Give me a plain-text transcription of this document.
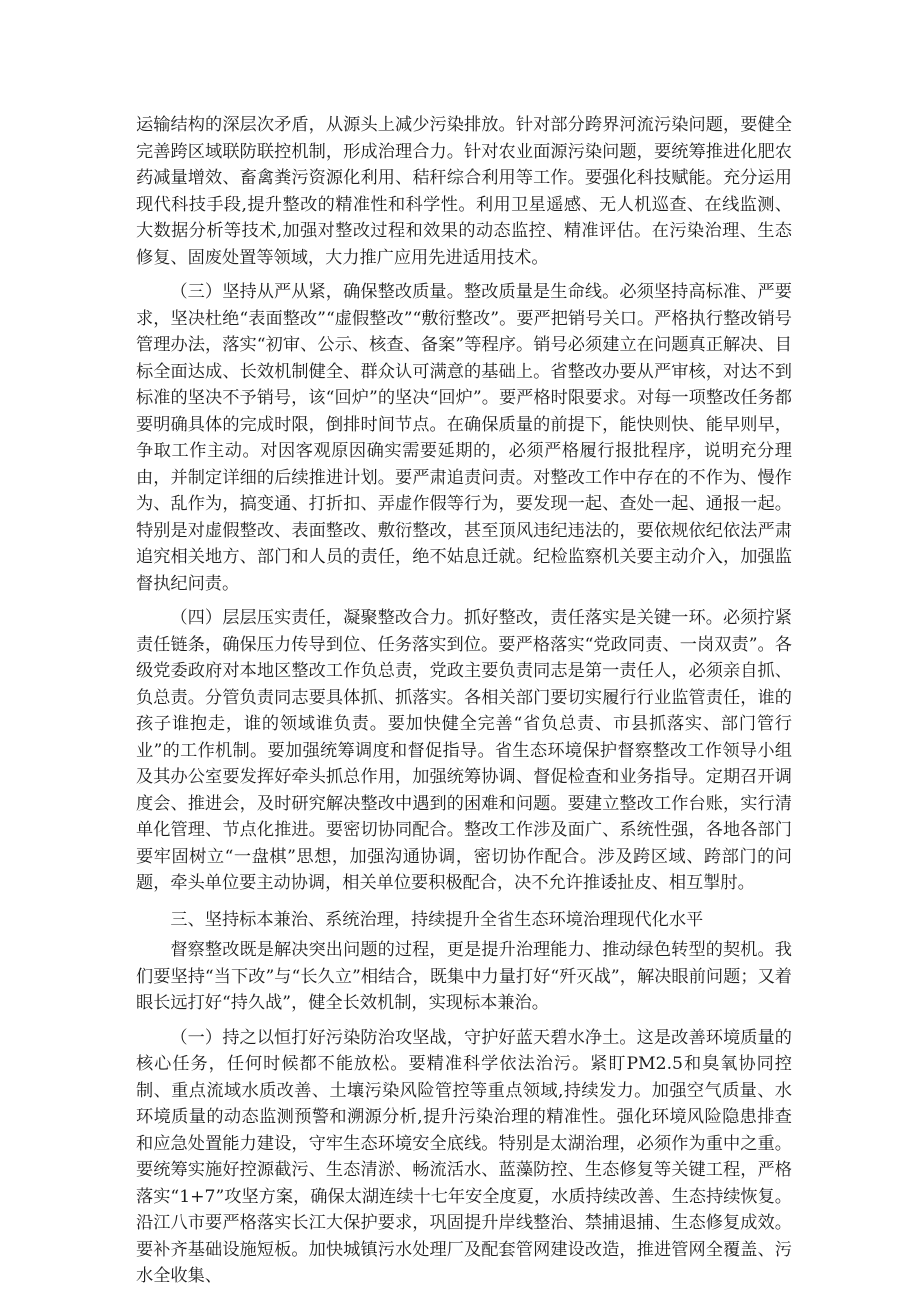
运输结构的深层次矛盾，从源头上减少污染排放。针对部分跨界河流污染问题，要健全完善跨区域联防联控机制，形成治理合力。针对农业面源污染问题，要统筹推进化肥农药减量增效、畜禽粪污资源化利用、秸秆综合利用等工作。要强化科技赋能。充分运用现代科技手段,提升整改的精准性和科学性。利用卫星遥感、无人机巡查、在线监测、大数据分析等技术,加强对整改过程和效果的动态监控、精准评估。在污染治理、生态修复、固废处置等领域，大力推广应用先进适用技术。

（三）坚持从严从紧，确保整改质量。整改质量是生命线。必须坚持高标准、严要求，坚决杜绝“表面整改”“虚假整改”“敷衍整改”。要严把销号关口。严格执行整改销号管理办法，落实“初审、公示、核查、备案”等程序。销号必须建立在问题真正解决、目标全面达成、长效机制健全、群众认可满意的基础上。省整改办要从严审核，对达不到标准的坚决不予销号，该“回炉”的坚决“回炉”。要严格时限要求。对每一项整改任务都要明确具体的完成时限，倒排时间节点。在确保质量的前提下，能快则快、能早则早，争取工作主动。对因客观原因确实需要延期的，必须严格履行报批程序，说明充分理由，并制定详细的后续推进计划。要严肃追责问责。对整改工作中存在的不作为、慢作为、乱作为，搞变通、打折扣、弄虚作假等行为，要发现一起、查处一起、通报一起。特别是对虚假整改、表面整改、敷衍整改，甚至顶风违纪违法的，要依规依纪依法严肃追究相关地方、部门和人员的责任，绝不姑息迁就。纪检监察机关要主动介入，加强监督执纪问责。

（四）层层压实责任，凝聚整改合力。抓好整改，责任落实是关键一环。必须拧紧责任链条，确保压力传导到位、任务落实到位。要严格落实“党政同责、一岗双责”。各级党委政府对本地区整改工作负总责，党政主要负责同志是第一责任人，必须亲自抓、负总责。分管负责同志要具体抓、抓落实。各相关部门要切实履行行业监管责任，谁的孩子谁抱走，谁的领域谁负责。要加快健全完善“省负总责、市县抓落实、部门管行业”的工作机制。要加强统筹调度和督促指导。省生态环境保护督察整改工作领导小组及其办公室要发挥好牵头抓总作用，加强统筹协调、督促检查和业务指导。定期召开调度会、推进会，及时研究解决整改中遇到的困难和问题。要建立整改工作台账，实行清单化管理、节点化推进。要密切协同配合。整改工作涉及面广、系统性强，各地各部门要牢固树立“一盘棋”思想，加强沟通协调，密切协作配合。涉及跨区域、跨部门的问题，牵头单位要主动协调，相关单位要积极配合，决不允许推诿扯皮、相互掣肘。

三、坚持标本兼治、系统治理，持续提升全省生态环境治理现代化水平

督察整改既是解决突出问题的过程，更是提升治理能力、推动绿色转型的契机。我们要坚持“当下改”与“长久立”相结合，既集中力量打好“歼灭战”，解决眼前问题；又着眼长远打好“持久战”，健全长效机制，实现标本兼治。

（一）持之以恒打好污染防治攻坚战，守护好蓝天碧水净土。这是改善环境质量的核心任务，任何时候都不能放松。要精准科学依法治污。紧盯PM2.5和臭氧协同控制、重点流域水质改善、土壤污染风险管控等重点领域,持续发力。加强空气质量、水环境质量的动态监测预警和溯源分析,提升污染治理的精准性。强化环境风险隐患排查和应急处置能力建设，守牢生态环境安全底线。特别是太湖治理，必须作为重中之重。要统筹实施好控源截污、生态清淤、畅流活水、蓝藻防控、生态修复等关键工程，严格落实“1+7”攻坚方案，确保太湖连续十七年安全度夏，水质持续改善、生态持续恢复。沿江八市要严格落实长江大保护要求，巩固提升岸线整治、禁捕退捕、生态修复成效。要补齐基础设施短板。加快城镇污水处理厂及配套管网建设改造，推进管网全覆盖、污水全收集、
